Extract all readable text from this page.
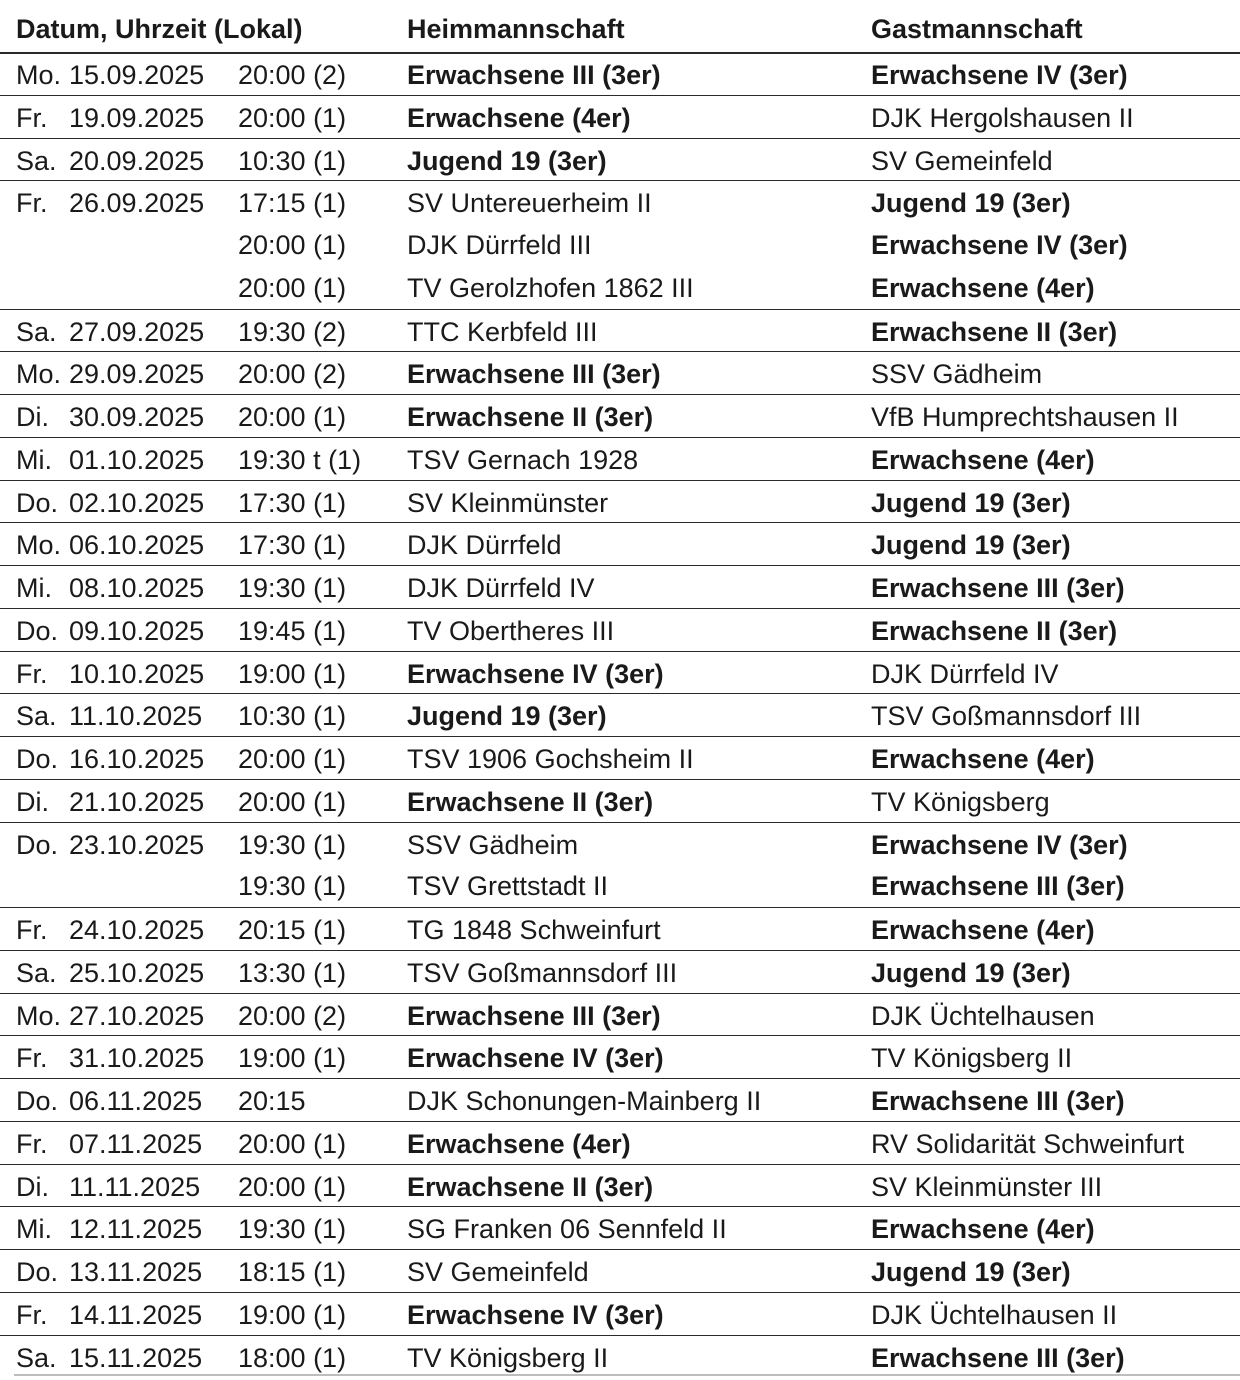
Datum, Uhrzeit (Lokal)	Heimmannschaft	Gastmannschaft
Mo. 15.09.2025 20:00 (2) Erwachsene III (3er)	Erwachsene IV (3er)
Fr. 19.09.2025 20:00 (1) Erwachsene (4er)	DJK Hergolshausen II
Sa. 20.09.2025 10:30 (1) Jugend 19 (3er)	SV Gemeinfeld
Fr. 26.09.2025 17:15 (1) SV Untereuerheim II	Jugend 19 (3er)
20:00 (1) DJK Dürrfeld III	Erwachsene IV (3er)
20:00 (1) TV Gerolzhofen 1862 III	Erwachsene (4er)
Sa. 27.09.2025 19:30 (2) TTC Kerbfeld III	Erwachsene II (3er)
Mo. 29.09.2025 20:00 (2) Erwachsene III (3er)	SSV Gädheim
Di. 30.09.2025 20:00 (1) Erwachsene II (3er)	VfB Humprechtshausen II
Mi. 01.10.2025 19:30 t (1) TSV Gernach 1928	Erwachsene (4er)
Do. 02.10.2025 17:30 (1) SV Kleinmünster	Jugend 19 (3er)
Mo. 06.10.2025 17:30 (1) DJK Dürrfeld	Jugend 19 (3er)
Mi. 08.10.2025 19:30 (1) DJK Dürrfeld IV	Erwachsene III (3er)
Do. 09.10.2025 19:45 (1) TV Obertheres III	Erwachsene II (3er)
Fr. 10.10.2025 19:00 (1) Erwachsene IV (3er)	DJK Dürrfeld IV
Sa. 11.10.2025 10:30 (1) Jugend 19 (3er)	TSV Goßmannsdorf III
Do. 16.10.2025 20:00 (1) TSV 1906 Gochsheim II	Erwachsene (4er)
Di. 21.10.2025 20:00 (1) Erwachsene II (3er)	TV Königsberg
Do. 23.10.2025 19:30 (1) SSV Gädheim	Erwachsene IV (3er)
19:30 (1) TSV Grettstadt II	Erwachsene III (3er)
Fr. 24.10.2025 20:15 (1) TG 1848 Schweinfurt	Erwachsene (4er)
Sa. 25.10.2025 13:30 (1) TSV Goßmannsdorf III	Jugend 19 (3er)
Mo. 27.10.2025 20:00 (2) Erwachsene III (3er)	DJK Üchtelhausen
Fr. 31.10.2025 19:00 (1) Erwachsene IV (3er)	TV Königsberg II
Do. 06.11.2025 20:15	DJK Schonungen-Mainberg II	Erwachsene III (3er)
Fr. 07.11.2025 20:00 (1) Erwachsene (4er)	RV Solidarität Schweinfurt
Di. 11.11.2025 20:00 (1) Erwachsene II (3er)	SV Kleinmünster III
Mi. 12.11.2025 19:30 (1) SG Franken 06 Sennfeld II	Erwachsene (4er)
Do. 13.11.2025 18:15 (1) SV Gemeinfeld	Jugend 19 (3er)
Fr. 14.11.2025 19:00 (1) Erwachsene IV (3er)	DJK Üchtelhausen II
Sa. 15.11.2025 18:00 (1) TV Königsberg II	Erwachsene III (3er)
